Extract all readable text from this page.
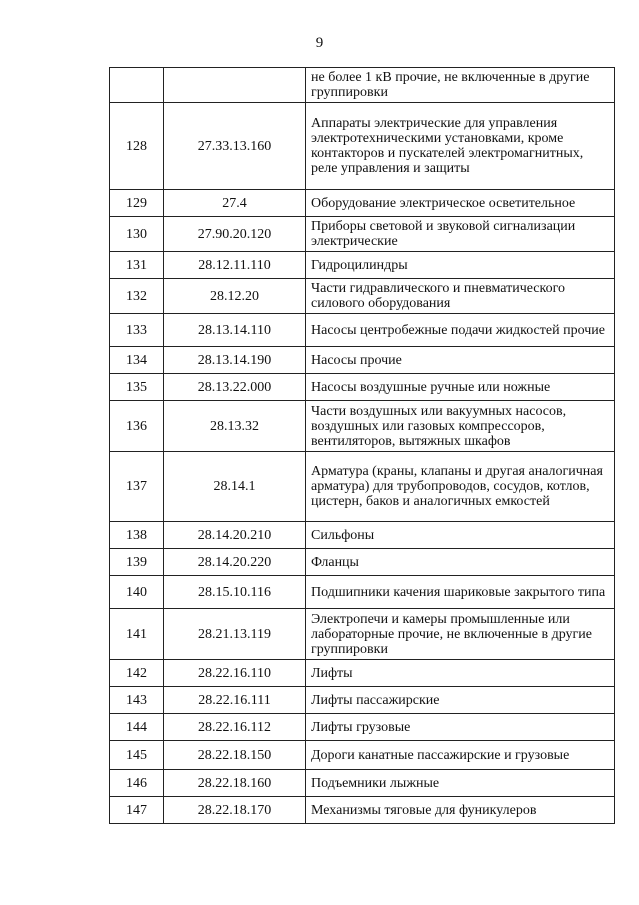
9
		не более 1 кВ прочие, не включенные в другие группировки
128	27.33.13.160	Аппараты электрические для управления электротехническими установками, кроме контакторов и пускателей электромагнитных, реле управления и защиты
129	27.4	Оборудование электрическое осветительное
130	27.90.20.120	Приборы световой и звуковой сигнализации электрические
131	28.12.11.110	Гидроцилиндры
132	28.12.20	Части гидравлического и пневматического силового оборудования
133	28.13.14.110	Насосы центробежные подачи жидкостей прочие
134	28.13.14.190	Насосы прочие
135	28.13.22.000	Насосы воздушные ручные или ножные
136	28.13.32	Части воздушных или вакуумных насосов, воздушных или газовых компрессоров, вентиляторов, вытяжных шкафов
137	28.14.1	Арматура (краны, клапаны и другая аналогичная арматура) для трубопроводов, сосудов, котлов, цистерн, баков и аналогичных емкостей
138	28.14.20.210	Сильфоны
139	28.14.20.220	Фланцы
140	28.15.10.116	Подшипники качения шариковые закрытого типа
141	28.21.13.119	Электропечи и камеры промышленные или лабораторные прочие, не включенные в другие группировки
142	28.22.16.110	Лифты
143	28.22.16.111	Лифты пассажирские
144	28.22.16.112	Лифты грузовые
145	28.22.18.150	Дороги канатные пассажирские и грузовые
146	28.22.18.160	Подъемники лыжные
147	28.22.18.170	Механизмы тяговые для фуникулеров
